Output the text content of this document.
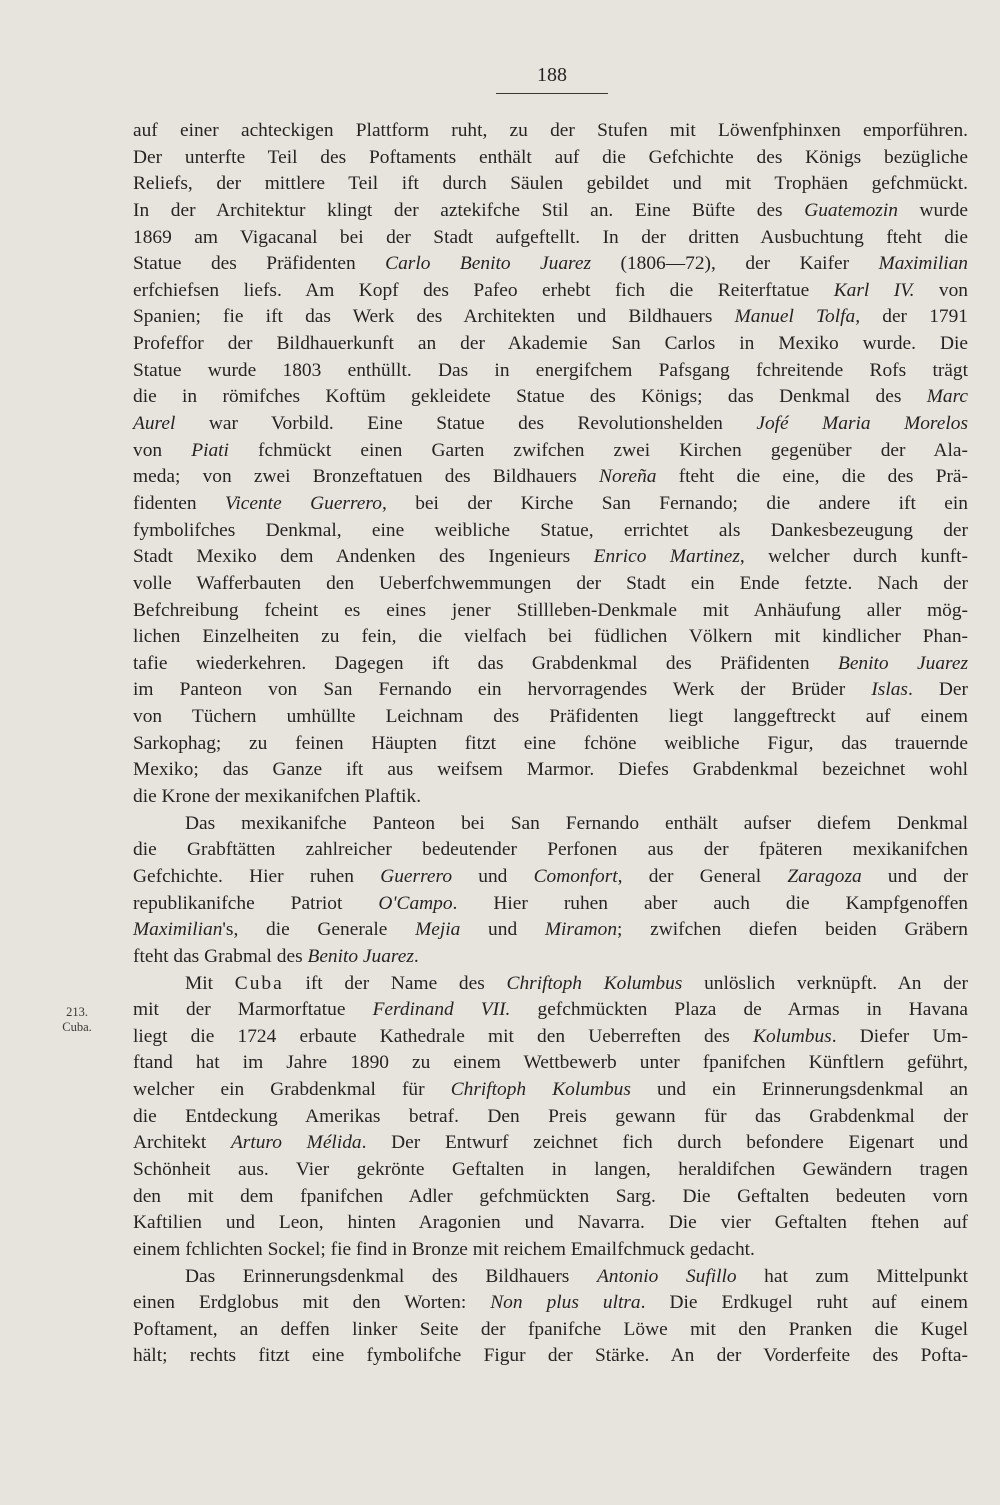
188
213.
Cuba.
auf einer achteckigen Plattform ruht, zu der Stufen mit Löwenfphinxen emporführen.
Der unterfte Teil des Poftaments enthält auf die Gefchichte des Königs bezügliche
Reliefs, der mittlere Teil ift durch Säulen gebildet und mit Trophäen gefchmückt.
In der Architektur klingt der aztekifche Stil an. Eine Büfte des Guatemozin wurde
1869 am Vigacanal bei der Stadt aufgeftellt. In der dritten Ausbuchtung fteht die
Statue des Präfidenten Carlo Benito Juarez (1806—72), der Kaifer Maximilian
erfchiefsen liefs. Am Kopf des Pafeo erhebt fich die Reiterftatue Karl IV. von
Spanien; fie ift das Werk des Architekten und Bildhauers Manuel Tolfa, der 1791
Profeffor der Bildhauerkunft an der Akademie San Carlos in Mexiko wurde. Die
Statue wurde 1803 enthüllt. Das in energifchem Pafsgang fchreitende Rofs trägt
die in römifches Koftüm gekleidete Statue des Königs; das Denkmal des Marc
Aurel war Vorbild. Eine Statue des Revolutionshelden Jofé Maria Morelos
von Piati fchmückt einen Garten zwifchen zwei Kirchen gegenüber der Ala-
meda; von zwei Bronzeftatuen des Bildhauers Noreña fteht die eine, die des Prä-
fidenten Vicente Guerrero, bei der Kirche San Fernando; die andere ift ein
fymbolifches Denkmal, eine weibliche Statue, errichtet als Dankesbezeugung der
Stadt Mexiko dem Andenken des Ingenieurs Enrico Martinez, welcher durch kunft-
volle Wafferbauten den Ueberfchwemmungen der Stadt ein Ende fetzte. Nach der
Befchreibung fcheint es eines jener Stillleben-Denkmale mit Anhäufung aller mög-
lichen Einzelheiten zu fein, die vielfach bei füdlichen Völkern mit kindlicher Phan-
tafie wiederkehren. Dagegen ift das Grabdenkmal des Präfidenten Benito Juarez
im Panteon von San Fernando ein hervorragendes Werk der Brüder Islas. Der
von Tüchern umhüllte Leichnam des Präfidenten liegt langgeftreckt auf einem
Sarkophag; zu feinen Häupten fitzt eine fchöne weibliche Figur, das trauernde
Mexiko; das Ganze ift aus weifsem Marmor. Diefes Grabdenkmal bezeichnet wohl
die Krone der mexikanifchen Plaftik.
Das mexikanifche Panteon bei San Fernando enthält aufser diefem Denkmal
die Grabftätten zahlreicher bedeutender Perfonen aus der fpäteren mexikanifchen
Gefchichte. Hier ruhen Guerrero und Comonfort, der General Zaragoza und der
republikanifche Patriot O'Campo. Hier ruhen aber auch die Kampfgenoffen
Maximilian's, die Generale Mejia und Miramon; zwifchen diefen beiden Gräbern
fteht das Grabmal des Benito Juarez.
Mit Cuba ift der Name des Chriftoph Kolumbus unlöslich verknüpft. An der
mit der Marmorftatue Ferdinand VII. gefchmückten Plaza de Armas in Havana
liegt die 1724 erbaute Kathedrale mit den Ueberreften des Kolumbus. Diefer Um-
ftand hat im Jahre 1890 zu einem Wettbewerb unter fpanifchen Künftlern geführt,
welcher ein Grabdenkmal für Chriftoph Kolumbus und ein Erinnerungsdenkmal an
die Entdeckung Amerikas betraf. Den Preis gewann für das Grabdenkmal der
Architekt Arturo Mélida. Der Entwurf zeichnet fich durch befondere Eigenart und
Schönheit aus. Vier gekrönte Geftalten in langen, heraldifchen Gewändern tragen
den mit dem fpanifchen Adler gefchmückten Sarg. Die Geftalten bedeuten vorn
Kaftilien und Leon, hinten Aragonien und Navarra. Die vier Geftalten ftehen auf
einem fchlichten Sockel; fie find in Bronze mit reichem Emailfchmuck gedacht.
Das Erinnerungsdenkmal des Bildhauers Antonio Sufillo hat zum Mittelpunkt
einen Erdglobus mit den Worten: Non plus ultra. Die Erdkugel ruht auf einem
Poftament, an deffen linker Seite der fpanifche Löwe mit den Pranken die Kugel
hält; rechts fitzt eine fymbolifche Figur der Stärke. An der Vorderfeite des Pofta-
